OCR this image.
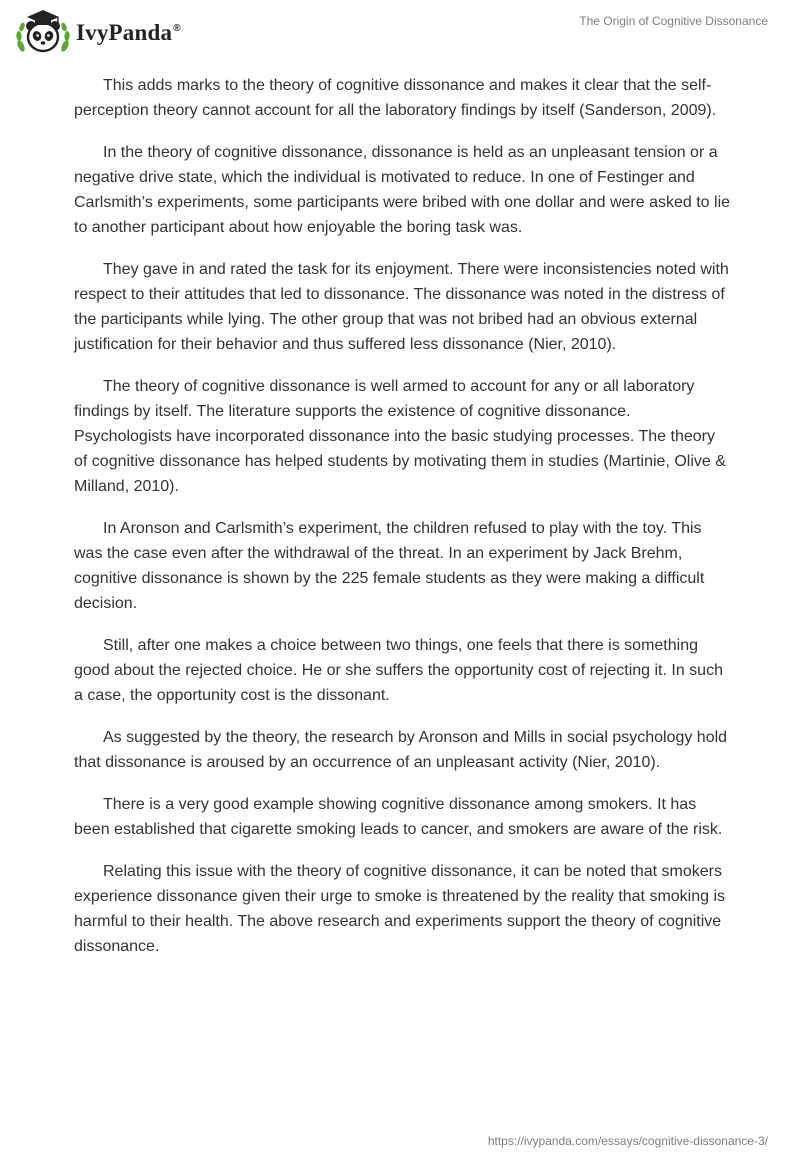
IvyPanda®
The Origin of Cognitive Dissonance

This adds marks to the theory of cognitive dissonance and makes it clear that the self-perception theory cannot account for all the laboratory findings by itself (Sanderson, 2009).

In the theory of cognitive dissonance, dissonance is held as an unpleasant tension or a negative drive state, which the individual is motivated to reduce. In one of Festinger and Carlsmith’s experiments, some participants were bribed with one dollar and were asked to lie to another participant about how enjoyable the boring task was.

They gave in and rated the task for its enjoyment. There were inconsistencies noted with respect to their attitudes that led to dissonance. The dissonance was noted in the distress of the participants while lying. The other group that was not bribed had an obvious external justification for their behavior and thus suffered less dissonance (Nier, 2010).

The theory of cognitive dissonance is well armed to account for any or all laboratory findings by itself. The literature supports the existence of cognitive dissonance. Psychologists have incorporated dissonance into the basic studying processes. The theory of cognitive dissonance has helped students by motivating them in studies (Martinie, Olive & Milland, 2010).

In Aronson and Carlsmith’s experiment, the children refused to play with the toy. This was the case even after the withdrawal of the threat. In an experiment by Jack Brehm, cognitive dissonance is shown by the 225 female students as they were making a difficult decision.

Still, after one makes a choice between two things, one feels that there is something good about the rejected choice. He or she suffers the opportunity cost of rejecting it. In such a case, the opportunity cost is the dissonant.

As suggested by the theory, the research by Aronson and Mills in social psychology hold that dissonance is aroused by an occurrence of an unpleasant activity (Nier, 2010).

There is a very good example showing cognitive dissonance among smokers. It has been established that cigarette smoking leads to cancer, and smokers are aware of the risk.

Relating this issue with the theory of cognitive dissonance, it can be noted that smokers experience dissonance given their urge to smoke is threatened by the reality that smoking is harmful to their health. The above research and experiments support the theory of cognitive dissonance.

https://ivypanda.com/essays/cognitive-dissonance-3/
